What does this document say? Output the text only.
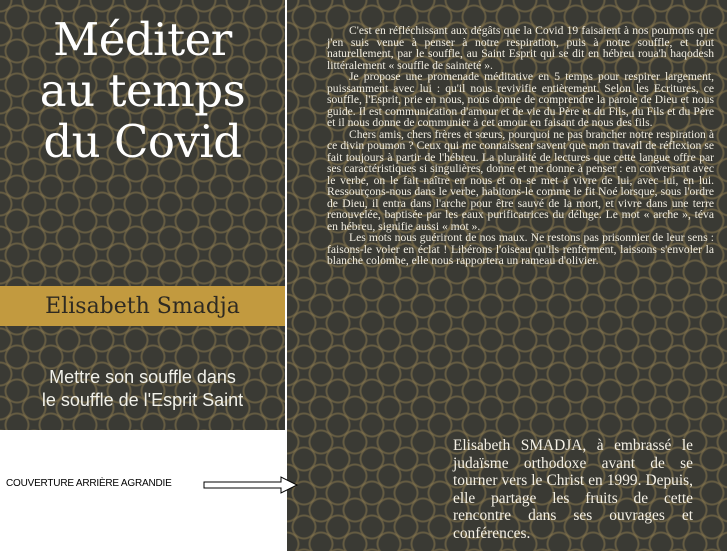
Méditer
au temps
du Covid
Elisabeth Smadja
Mettre son souffle dans
le souffle de l'Esprit Saint

C'est en réfléchissant aux dégâts que la Covid 19 faisaient à nos poumons que j'en suis venue à penser à notre respiration, puis à notre souffle, et tout naturellement, par le souffle, au Saint Esprit qui se dit en hébreu roua'h haqodesh littéralement « souffle de sainteté ».

Je propose une promenade méditative en 5 temps pour respirer largement, puissamment avec lui : qu'il nous revivifie entièrement. Selon les Ecritures, ce souffle, l'Esprit, prie en nous, nous donne de comprendre la parole de Dieu et nous guide. Il est communication d'amour et de vie du Père et du Fils, du Fils et du Père et il nous donne de communier à cet amour en faisant de nous des fils.

Chers amis, chers frères et sœurs, pourquoi ne pas brancher notre respiration à ce divin poumon ? Ceux qui me connaissent savent que mon travail de réflexion se fait toujours à partir de l'hébreu. La pluralité de lectures que cette langue offre par ses caractéristiques si singulières, donne et me donne à penser : en conversant avec le verbe, on le fait naître en nous et on se met à vivre de lui, avec lui, en lui. Ressourçons-nous dans le verbe, habitons-le comme le fit Noé lorsque, sous l'ordre de Dieu, il entra dans l'arche pour être sauvé de la mort, et vivre dans une terre renouvelée, baptisée par les eaux purificatrices du déluge. Le mot « arche », téva en hébreu, signifie aussi « mot ».

Les mots nous guériront de nos maux. Ne restons pas prisonnier de leur sens : faisons-le voler en éclat ! Libérons l'oiseau qu'ils renferment, laissons s'envoler la blanche colombe, elle nous rapportera un rameau d'olivier.

Elisabeth SMADJA, à embrassé le judaïsme orthodoxe avant de se tourner vers le Christ en 1999. Depuis, elle partage les fruits de cette rencontre dans ses ouvrages et conférences.
COUVERTURE ARRIÈRE AGRANDIE
